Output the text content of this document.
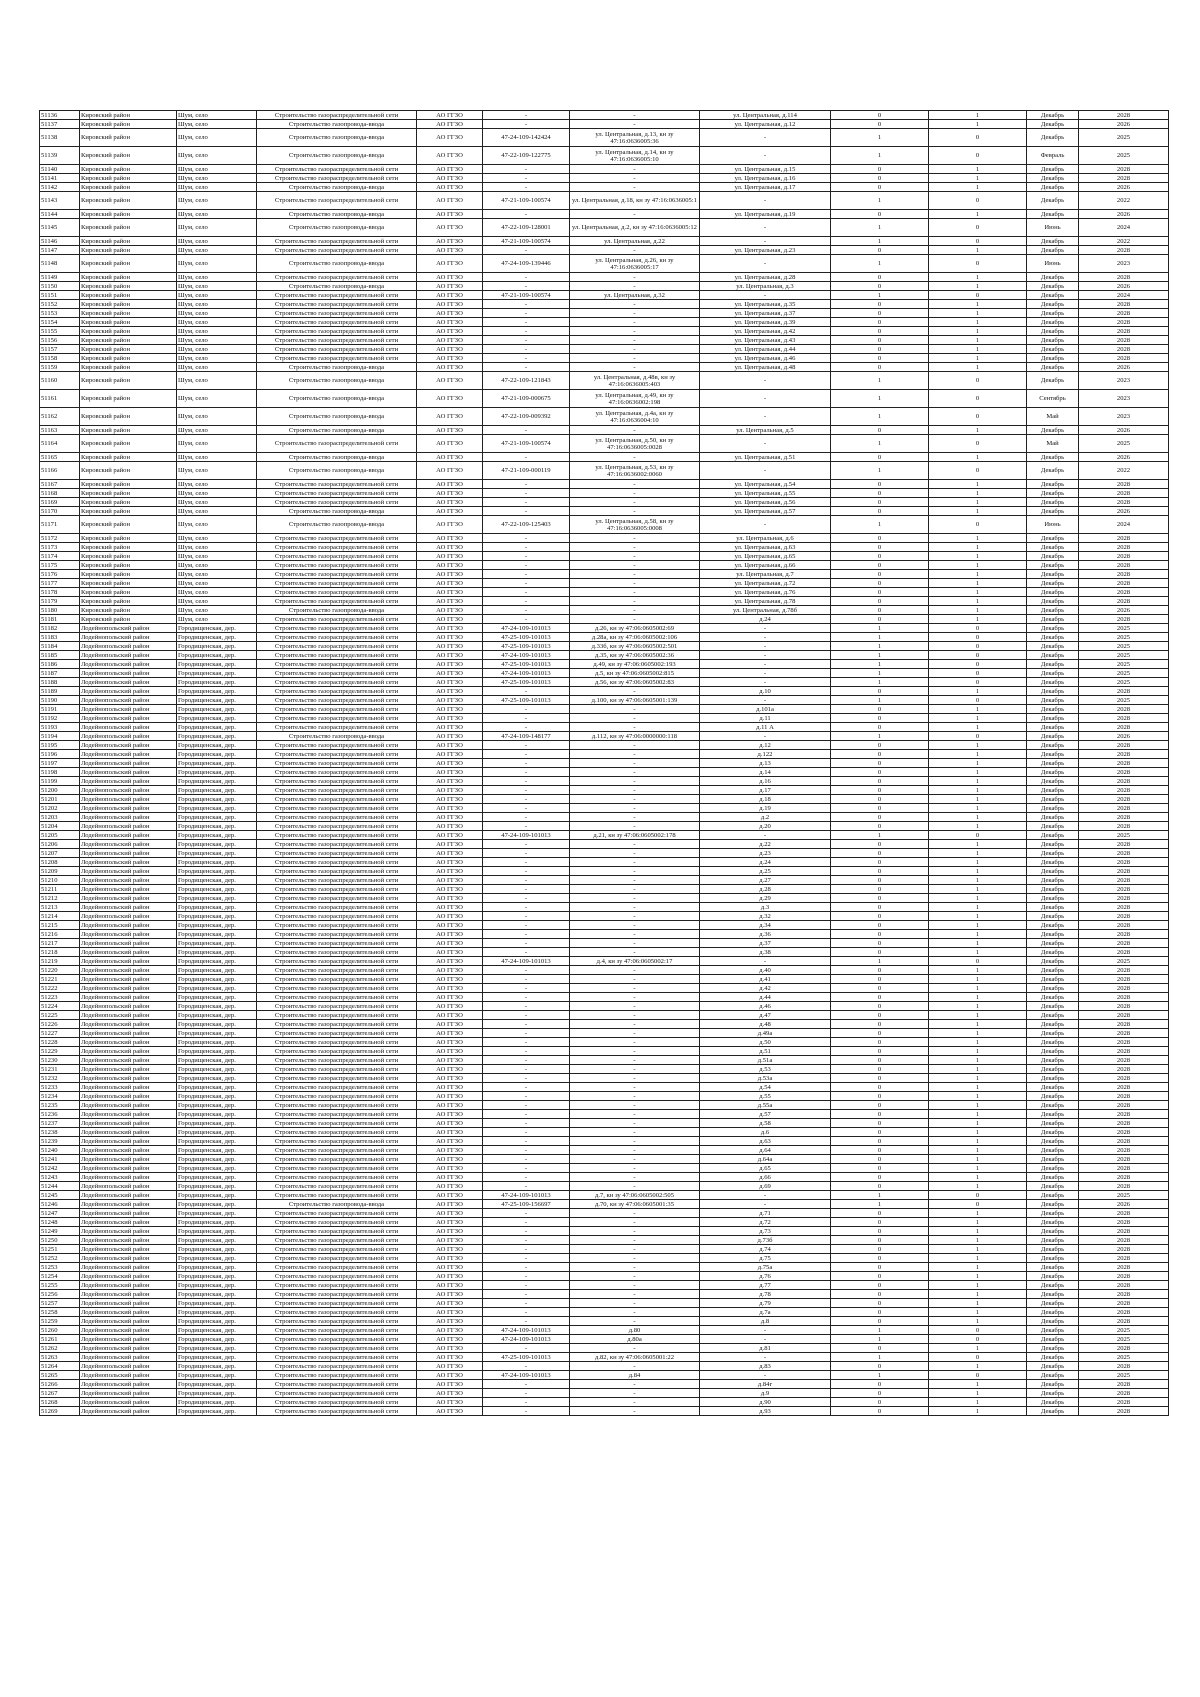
51136	Кировский район	Шум, село	Строительство газораспределительной сети	АО ГГЗО	-	-	ул. Центральная, д.114	0	1	Декабрь	2028
51137	Кировский район	Шум, село	Строительство газопровода-ввода	АО ГГЗО	-	-	ул. Центральная, д.12	0	1	Декабрь	2026
51138	Кировский район	Шум, село	Строительство газопровода-ввода	АО ГГЗО	47-24-109-142424	ул. Центральная, д.13, кн зу 47:16:0636005:36	-	1	0	Декабрь	2025
51139	Кировский район	Шум, село	Строительство газопровода-ввода	АО ГГЗО	47-22-109-122775	ул. Центральная, д.14, кн зу 47:16:0636005:10	-	1	0	Февраль	2025
51140	Кировский район	Шум, село	Строительство газораспределительной сети	АО ГГЗО	-	-	ул. Центральная, д.15	0	1	Декабрь	2028
51141	Кировский район	Шум, село	Строительство газораспределительной сети	АО ГГЗО	-	-	ул. Центральная, д.16	0	1	Декабрь	2028
51142	Кировский район	Шум, село	Строительство газопровода-ввода	АО ГГЗО	-	-	ул. Центральная, д.17	0	1	Декабрь	2026
51143	Кировский район	Шум, село	Строительство газораспределительной сети	АО ГГЗО	47-21-109-100574	ул. Центральная, д.18, кн зу 47:16:0636005:1	-	1	0	Декабрь	2022
51144	Кировский район	Шум, село	Строительство газопровода-ввода	АО ГГЗО	-	-	ул. Центральная, д.19	0	1	Декабрь	2026
51145	Кировский район	Шум, село	Строительство газопровода-ввода	АО ГГЗО	47-22-109-128001	ул. Центральная, д.2, кн зу 47:16:0636005:12	-	1	0	Июнь	2024
51146	Кировский район	Шум, село	Строительство газораспределительной сети	АО ГГЗО	47-21-109-100574	ул. Центральная, д.22	-	1	0	Декабрь	2022
51147	Кировский район	Шум, село	Строительство газораспределительной сети	АО ГГЗО	-	-	ул. Центральная, д.23	0	1	Декабрь	2028
51148	Кировский район	Шум, село	Строительство газопровода-ввода	АО ГГЗО	47-24-109-139446	ул. Центральная, д.26, кн зу 47:16:0636005:17	-	1	0	Июнь	2023
51149	Кировский район	Шум, село	Строительство газораспределительной сети	АО ГГЗО	-	-	ул. Центральная, д.28	0	1	Декабрь	2028
51150	Кировский район	Шум, село	Строительство газопровода-ввода	АО ГГЗО	-	-	ул. Центральная, д.3	0	1	Декабрь	2026
51151	Кировский район	Шум, село	Строительство газораспределительной сети	АО ГГЗО	47-21-109-100574	ул. Центральная, д.32	-	1	0	Декабрь	2024
51152	Кировский район	Шум, село	Строительство газораспределительной сети	АО ГГЗО	-	-	ул. Центральная, д.35	0	1	Декабрь	2028
51153	Кировский район	Шум, село	Строительство газораспределительной сети	АО ГГЗО	-	-	ул. Центральная, д.37	0	1	Декабрь	2028
51154	Кировский район	Шум, село	Строительство газораспределительной сети	АО ГГЗО	-	-	ул. Центральная, д.39	0	1	Декабрь	2028
51155	Кировский район	Шум, село	Строительство газораспределительной сети	АО ГГЗО	-	-	ул. Центральная, д.42	0	1	Декабрь	2028
51156	Кировский район	Шум, село	Строительство газораспределительной сети	АО ГГЗО	-	-	ул. Центральная, д.43	0	1	Декабрь	2028
51157	Кировский район	Шум, село	Строительство газораспределительной сети	АО ГГЗО	-	-	ул. Центральная, д.44	0	1	Декабрь	2028
51158	Кировский район	Шум, село	Строительство газораспределительной сети	АО ГГЗО	-	-	ул. Центральная, д.46	0	1	Декабрь	2028
51159	Кировский район	Шум, село	Строительство газопровода-ввода	АО ГГЗО	-	-	ул. Центральная, д.48	0	1	Декабрь	2026
51160	Кировский район	Шум, село	Строительство газопровода-ввода	АО ГГЗО	47-22-109-121843	ул. Центральная, д.48в, кн зу 47:16:0636005:403	-	1	0	Декабрь	2023
51161	Кировский район	Шум, село	Строительство газопровода-ввода	АО ГГЗО	47-21-109-000675	ул. Центральная, д.49, кн зу 47:16:0636002:198	-	1	0	Сентябрь	2023
51162	Кировский район	Шум, село	Строительство газопровода-ввода	АО ГГЗО	47-22-109-009392	ул. Центральная, д.4а, кн зу 47:16:0636004:10	-	1	0	Май	2023
51163	Кировский район	Шум, село	Строительство газопровода-ввода	АО ГГЗО	-	-	ул. Центральная, д.5	0	1	Декабрь	2026
51164	Кировский район	Шум, село	Строительство газораспределительной сети	АО ГГЗО	47-21-109-100574	ул. Центральная, д.50, кн зу 47:16:0636005:0028	-	1	0	Май	2025
51165	Кировский район	Шум, село	Строительство газопровода-ввода	АО ГГЗО	-	-	ул. Центральная, д.51	0	1	Декабрь	2026
51166	Кировский район	Шум, село	Строительство газопровода-ввода	АО ГГЗО	47-21-109-000119	ул. Центральная, д.53, кн зу 47:16:0636002:0060	-	1	0	Декабрь	2022
51167	Кировский район	Шум, село	Строительство газораспределительной сети	АО ГГЗО	-	-	ул. Центральная, д.54	0	1	Декабрь	2028
51168	Кировский район	Шум, село	Строительство газораспределительной сети	АО ГГЗО	-	-	ул. Центральная, д.55	0	1	Декабрь	2028
51169	Кировский район	Шум, село	Строительство газораспределительной сети	АО ГГЗО	-	-	ул. Центральная, д.56	0	1	Декабрь	2028
51170	Кировский район	Шум, село	Строительство газопровода-ввода	АО ГГЗО	-	-	ул. Центральная, д.57	0	1	Декабрь	2026
51171	Кировский район	Шум, село	Строительство газопровода-ввода	АО ГГЗО	47-22-109-125403	ул. Центральная, д.58, кн зу 47:16:0636005:0008	-	1	0	Июнь	2024
51172	Кировский район	Шум, село	Строительство газораспределительной сети	АО ГГЗО	-	-	ул. Центральная, д.6	0	1	Декабрь	2028
51173	Кировский район	Шум, село	Строительство газораспределительной сети	АО ГГЗО	-	-	ул. Центральная, д.63	0	1	Декабрь	2028
51174	Кировский район	Шум, село	Строительство газораспределительной сети	АО ГГЗО	-	-	ул. Центральная, д.65	0	1	Декабрь	2028
51175	Кировский район	Шум, село	Строительство газораспределительной сети	АО ГГЗО	-	-	ул. Центральная, д.66	0	1	Декабрь	2028
51176	Кировский район	Шум, село	Строительство газораспределительной сети	АО ГГЗО	-	-	ул. Центральная, д.7	0	1	Декабрь	2028
51177	Кировский район	Шум, село	Строительство газораспределительной сети	АО ГГЗО	-	-	ул. Центральная, д.72	0	1	Декабрь	2028
51178	Кировский район	Шум, село	Строительство газораспределительной сети	АО ГГЗО	-	-	ул. Центральная, д.76	0	1	Декабрь	2028
51179	Кировский район	Шум, село	Строительство газораспределительной сети	АО ГГЗО	-	-	ул. Центральная, д.78	0	1	Декабрь	2028
51180	Кировский район	Шум, село	Строительство газопровода-ввода	АО ГГЗО	-	-	ул. Центральная, д.78б	0	1	Декабрь	2026
51181	Кировский район	Шум, село	Строительство газораспределительной сети	АО ГГЗО	-	-	д.24	0	1	Декабрь	2028
51182	Лодейнопольский район	Городищенская, дер.	Строительство газораспределительной сети	АО ГГЗО	47-24-109-101013	д.26, кн зу 47:06:0605002:69	-	1	0	Декабрь	2025
51183	Лодейнопольский район	Городищенская, дер.	Строительство газораспределительной сети	АО ГГЗО	47-25-109-101013	д.28а, кн зу 47:06:0605002:106	-	1	0	Декабрь	2025
51184	Лодейнопольский район	Городищенская, дер.	Строительство газораспределительной сети	АО ГГЗО	47-25-109-101013	д.33б, кн зу 47:06:0605002:501	-	1	0	Декабрь	2025
51185	Лодейнопольский район	Городищенская, дер.	Строительство газораспределительной сети	АО ГГЗО	47-24-109-101013	д.35, кн зу 47:06:0605002:36	-	1	0	Декабрь	2025
51186	Лодейнопольский район	Городищенская, дер.	Строительство газораспределительной сети	АО ГГЗО	47-25-109-101013	д.49, кн зу 47:06:0605002:193	-	1	0	Декабрь	2025
51187	Лодейнопольский район	Городищенская, дер.	Строительство газораспределительной сети	АО ГГЗО	47-24-109-101013	д.5, кн зу 47:06:0605002:815	-	1	0	Декабрь	2025
51188	Лодейнопольский район	Городищенская, дер.	Строительство газораспределительной сети	АО ГГЗО	47-25-109-101013	д.56, кн зу 47:06:0605002:83	-	1	0	Декабрь	2025
51189	Лодейнопольский район	Городищенская, дер.	Строительство газораспределительной сети	АО ГГЗО	-	-	д.10	0	1	Декабрь	2028
51190	Лодейнопольский район	Городищенская, дер.	Строительство газораспределительной сети	АО ГГЗО	47-25-109-101013	д.100, кн зу 47:06:0605001:139	-	1	0	Декабрь	2025
51191	Лодейнопольский район	Городищенская, дер.	Строительство газораспределительной сети	АО ГГЗО	-	-	д.101а	0	1	Декабрь	2028
51192	Лодейнопольский район	Городищенская, дер.	Строительство газораспределительной сети	АО ГГЗО	-	-	д.11	0	1	Декабрь	2028
51193	Лодейнопольский район	Городищенская, дер.	Строительство газораспределительной сети	АО ГГЗО	-	-	д.11 А	0	1	Декабрь	2028
51194	Лодейнопольский район	Городищенская, дер.	Строительство газопровода-ввода	АО ГГЗО	47-24-109-148177	д.112, кн зу 47:06:0000000:118	-	1	0	Декабрь	2026
51195	Лодейнопольский район	Городищенская, дер.	Строительство газораспределительной сети	АО ГГЗО	-	-	д.12	0	1	Декабрь	2028
51196	Лодейнопольский район	Городищенская, дер.	Строительство газораспределительной сети	АО ГГЗО	-	-	д.122	0	1	Декабрь	2028
51197	Лодейнопольский район	Городищенская, дер.	Строительство газораспределительной сети	АО ГГЗО	-	-	д.13	0	1	Декабрь	2028
51198	Лодейнопольский район	Городищенская, дер.	Строительство газораспределительной сети	АО ГГЗО	-	-	д.14	0	1	Декабрь	2028
51199	Лодейнопольский район	Городищенская, дер.	Строительство газораспределительной сети	АО ГГЗО	-	-	д.16	0	1	Декабрь	2028
51200	Лодейнопольский район	Городищенская, дер.	Строительство газораспределительной сети	АО ГГЗО	-	-	д.17	0	1	Декабрь	2028
51201	Лодейнопольский район	Городищенская, дер.	Строительство газораспределительной сети	АО ГГЗО	-	-	д.18	0	1	Декабрь	2028
51202	Лодейнопольский район	Городищенская, дер.	Строительство газораспределительной сети	АО ГГЗО	-	-	д.19	0	1	Декабрь	2028
51203	Лодейнопольский район	Городищенская, дер.	Строительство газораспределительной сети	АО ГГЗО	-	-	д.2	0	1	Декабрь	2028
51204	Лодейнопольский район	Городищенская, дер.	Строительство газораспределительной сети	АО ГГЗО	-	-	д.20	0	1	Декабрь	2028
51205	Лодейнопольский район	Городищенская, дер.	Строительство газораспределительной сети	АО ГГЗО	47-24-109-101013	д.21, кн зу 47:06:0605002:178	-	1	0	Декабрь	2025
51206	Лодейнопольский район	Городищенская, дер.	Строительство газораспределительной сети	АО ГГЗО	-	-	д.22	0	1	Декабрь	2028
51207	Лодейнопольский район	Городищенская, дер.	Строительство газораспределительной сети	АО ГГЗО	-	-	д.23	0	1	Декабрь	2028
51208	Лодейнопольский район	Городищенская, дер.	Строительство газораспределительной сети	АО ГГЗО	-	-	д.24	0	1	Декабрь	2028
51209	Лодейнопольский район	Городищенская, дер.	Строительство газораспределительной сети	АО ГГЗО	-	-	д.25	0	1	Декабрь	2028
51210	Лодейнопольский район	Городищенская, дер.	Строительство газораспределительной сети	АО ГГЗО	-	-	д.27	0	1	Декабрь	2028
51211	Лодейнопольский район	Городищенская, дер.	Строительство газораспределительной сети	АО ГГЗО	-	-	д.28	0	1	Декабрь	2028
51212	Лодейнопольский район	Городищенская, дер.	Строительство газораспределительной сети	АО ГГЗО	-	-	д.29	0	1	Декабрь	2028
51213	Лодейнопольский район	Городищенская, дер.	Строительство газораспределительной сети	АО ГГЗО	-	-	д.3	0	1	Декабрь	2028
51214	Лодейнопольский район	Городищенская, дер.	Строительство газораспределительной сети	АО ГГЗО	-	-	д.32	0	1	Декабрь	2028
51215	Лодейнопольский район	Городищенская, дер.	Строительство газораспределительной сети	АО ГГЗО	-	-	д.34	0	1	Декабрь	2028
51216	Лодейнопольский район	Городищенская, дер.	Строительство газораспределительной сети	АО ГГЗО	-	-	д.36	0	1	Декабрь	2028
51217	Лодейнопольский район	Городищенская, дер.	Строительство газораспределительной сети	АО ГГЗО	-	-	д.37	0	1	Декабрь	2028
51218	Лодейнопольский район	Городищенская, дер.	Строительство газораспределительной сети	АО ГГЗО	-	-	д.38	0	1	Декабрь	2028
51219	Лодейнопольский район	Городищенская, дер.	Строительство газораспределительной сети	АО ГГЗО	47-24-109-101013	д.4, кн зу 47:06:0605002:17	-	1	0	Декабрь	2025
51220	Лодейнопольский район	Городищенская, дер.	Строительство газораспределительной сети	АО ГГЗО	-	-	д.40	0	1	Декабрь	2028
51221	Лодейнопольский район	Городищенская, дер.	Строительство газораспределительной сети	АО ГГЗО	-	-	д.41	0	1	Декабрь	2028
51222	Лодейнопольский район	Городищенская, дер.	Строительство газораспределительной сети	АО ГГЗО	-	-	д.42	0	1	Декабрь	2028
51223	Лодейнопольский район	Городищенская, дер.	Строительство газораспределительной сети	АО ГГЗО	-	-	д.44	0	1	Декабрь	2028
51224	Лодейнопольский район	Городищенская, дер.	Строительство газораспределительной сети	АО ГГЗО	-	-	д.46	0	1	Декабрь	2028
51225	Лодейнопольский район	Городищенская, дер.	Строительство газораспределительной сети	АО ГГЗО	-	-	д.47	0	1	Декабрь	2028
51226	Лодейнопольский район	Городищенская, дер.	Строительство газораспределительной сети	АО ГГЗО	-	-	д.48	0	1	Декабрь	2028
51227	Лодейнопольский район	Городищенская, дер.	Строительство газораспределительной сети	АО ГГЗО	-	-	д.49а	0	1	Декабрь	2028
51228	Лодейнопольский район	Городищенская, дер.	Строительство газораспределительной сети	АО ГГЗО	-	-	д.50	0	1	Декабрь	2028
51229	Лодейнопольский район	Городищенская, дер.	Строительство газораспределительной сети	АО ГГЗО	-	-	д.51	0	1	Декабрь	2028
51230	Лодейнопольский район	Городищенская, дер.	Строительство газораспределительной сети	АО ГГЗО	-	-	д.51а	0	1	Декабрь	2028
51231	Лодейнопольский район	Городищенская, дер.	Строительство газораспределительной сети	АО ГГЗО	-	-	д.53	0	1	Декабрь	2028
51232	Лодейнопольский район	Городищенская, дер.	Строительство газораспределительной сети	АО ГГЗО	-	-	д.53а	0	1	Декабрь	2028
51233	Лодейнопольский район	Городищенская, дер.	Строительство газораспределительной сети	АО ГГЗО	-	-	д.54	0	1	Декабрь	2028
51234	Лодейнопольский район	Городищенская, дер.	Строительство газораспределительной сети	АО ГГЗО	-	-	д.55	0	1	Декабрь	2028
51235	Лодейнопольский район	Городищенская, дер.	Строительство газораспределительной сети	АО ГГЗО	-	-	д.55а	0	1	Декабрь	2028
51236	Лодейнопольский район	Городищенская, дер.	Строительство газораспределительной сети	АО ГГЗО	-	-	д.57	0	1	Декабрь	2028
51237	Лодейнопольский район	Городищенская, дер.	Строительство газораспределительной сети	АО ГГЗО	-	-	д.58	0	1	Декабрь	2028
51238	Лодейнопольский район	Городищенская, дер.	Строительство газораспределительной сети	АО ГГЗО	-	-	д.6	0	1	Декабрь	2028
51239	Лодейнопольский район	Городищенская, дер.	Строительство газораспределительной сети	АО ГГЗО	-	-	д.63	0	1	Декабрь	2028
51240	Лодейнопольский район	Городищенская, дер.	Строительство газораспределительной сети	АО ГГЗО	-	-	д.64	0	1	Декабрь	2028
51241	Лодейнопольский район	Городищенская, дер.	Строительство газораспределительной сети	АО ГГЗО	-	-	д.64а	0	1	Декабрь	2028
51242	Лодейнопольский район	Городищенская, дер.	Строительство газораспределительной сети	АО ГГЗО	-	-	д.65	0	1	Декабрь	2028
51243	Лодейнопольский район	Городищенская, дер.	Строительство газораспределительной сети	АО ГГЗО	-	-	д.66	0	1	Декабрь	2028
51244	Лодейнопольский район	Городищенская, дер.	Строительство газораспределительной сети	АО ГГЗО	-	-	д.69	0	1	Декабрь	2028
51245	Лодейнопольский район	Городищенская, дер.	Строительство газораспределительной сети	АО ГГЗО	47-24-109-101013	д.7, кн зу 47:06:0605002:505	-	1	0	Декабрь	2025
51246	Лодейнопольский район	Городищенская, дер.	Строительство газопровода-ввода	АО ГГЗО	47-25-109-156697	д.70, кн зу 47:06:0605001:35	-	1	0	Декабрь	2026
51247	Лодейнопольский район	Городищенская, дер.	Строительство газораспределительной сети	АО ГГЗО	-	-	д.71	0	1	Декабрь	2028
51248	Лодейнопольский район	Городищенская, дер.	Строительство газораспределительной сети	АО ГГЗО	-	-	д.72	0	1	Декабрь	2028
51249	Лодейнопольский район	Городищенская, дер.	Строительство газораспределительной сети	АО ГГЗО	-	-	д.73	0	1	Декабрь	2028
51250	Лодейнопольский район	Городищенская, дер.	Строительство газораспределительной сети	АО ГГЗО	-	-	д.73б	0	1	Декабрь	2028
51251	Лодейнопольский район	Городищенская, дер.	Строительство газораспределительной сети	АО ГГЗО	-	-	д.74	0	1	Декабрь	2028
51252	Лодейнопольский район	Городищенская, дер.	Строительство газораспределительной сети	АО ГГЗО	-	-	д.75	0	1	Декабрь	2028
51253	Лодейнопольский район	Городищенская, дер.	Строительство газораспределительной сети	АО ГГЗО	-	-	д.75а	0	1	Декабрь	2028
51254	Лодейнопольский район	Городищенская, дер.	Строительство газораспределительной сети	АО ГГЗО	-	-	д.76	0	1	Декабрь	2028
51255	Лодейнопольский район	Городищенская, дер.	Строительство газораспределительной сети	АО ГГЗО	-	-	д.77	0	1	Декабрь	2028
51256	Лодейнопольский район	Городищенская, дер.	Строительство газораспределительной сети	АО ГГЗО	-	-	д.78	0	1	Декабрь	2028
51257	Лодейнопольский район	Городищенская, дер.	Строительство газораспределительной сети	АО ГГЗО	-	-	д.79	0	1	Декабрь	2028
51258	Лодейнопольский район	Городищенская, дер.	Строительство газораспределительной сети	АО ГГЗО	-	-	д.7а	0	1	Декабрь	2028
51259	Лодейнопольский район	Городищенская, дер.	Строительство газораспределительной сети	АО ГГЗО	-	-	д.8	0	1	Декабрь	2028
51260	Лодейнопольский район	Городищенская, дер.	Строительство газораспределительной сети	АО ГГЗО	47-24-109-101013	д.80	-	1	0	Декабрь	2025
51261	Лодейнопольский район	Городищенская, дер.	Строительство газораспределительной сети	АО ГГЗО	47-24-109-101013	д.80а	-	1	0	Декабрь	2025
51262	Лодейнопольский район	Городищенская, дер.	Строительство газораспределительной сети	АО ГГЗО	-	-	д.81	0	1	Декабрь	2028
51263	Лодейнопольский район	Городищенская, дер.	Строительство газораспределительной сети	АО ГГЗО	47-25-109-101013	д.82, кн зу 47:06:0605001:22	-	1	0	Декабрь	2025
51264	Лодейнопольский район	Городищенская, дер.	Строительство газораспределительной сети	АО ГГЗО	-	-	д.83	0	1	Декабрь	2028
51265	Лодейнопольский район	Городищенская, дер.	Строительство газораспределительной сети	АО ГГЗО	47-24-109-101013	д.84	-	1	0	Декабрь	2025
51266	Лодейнопольский район	Городищенская, дер.	Строительство газораспределительной сети	АО ГГЗО	-	-	д.84г	0	1	Декабрь	2028
51267	Лодейнопольский район	Городищенская, дер.	Строительство газораспределительной сети	АО ГГЗО	-	-	д.9	0	1	Декабрь	2028
51268	Лодейнопольский район	Городищенская, дер.	Строительство газораспределительной сети	АО ГГЗО	-	-	д.90	0	1	Декабрь	2028
51269	Лодейнопольский район	Городищенская, дер.	Строительство газораспределительной сети	АО ГГЗО	-	-	д.93	0	1	Декабрь	2028
